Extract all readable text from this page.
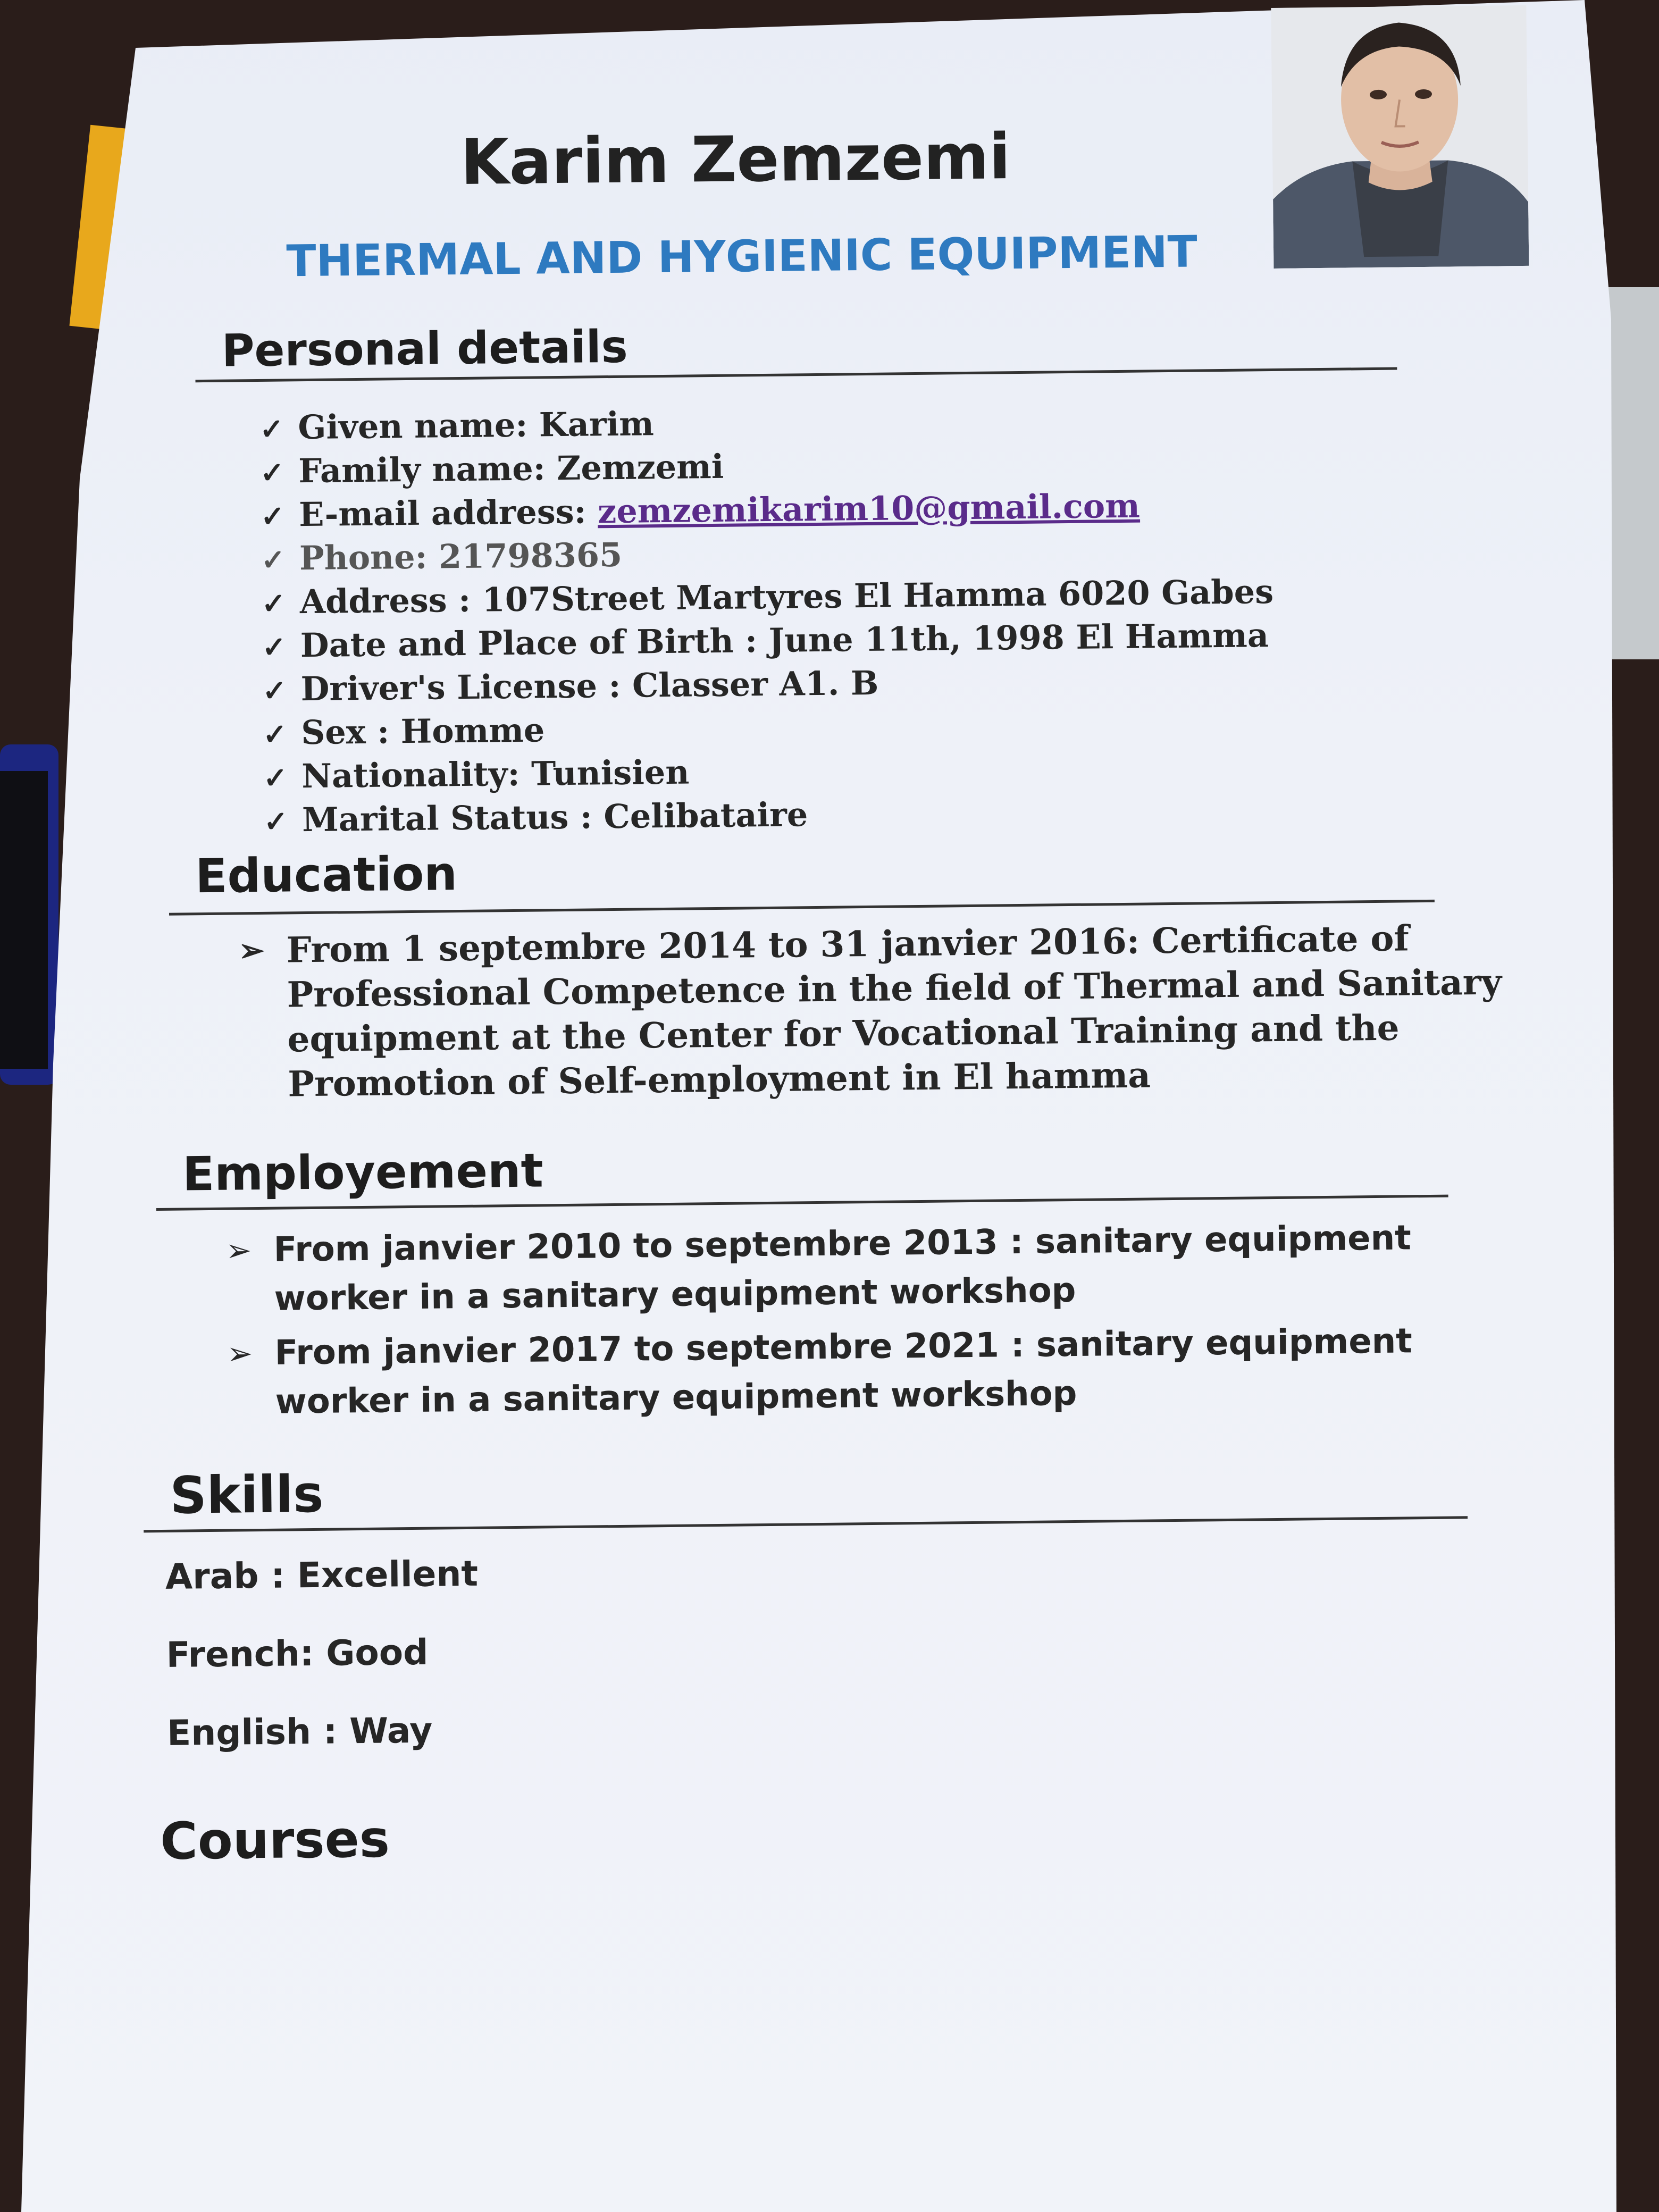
Karim Zemzemi
THERMAL AND HYGIENIC EQUIPMENT
Personal details
✓ Given name: Karim
✓ Family name: Zemzemi
✓ E-mail address: zemzemikarim10@gmail.com
✓ Phone: 21798365
✓ Address : 107Street Martyres El Hamma 6020 Gabes
✓ Date and Place of Birth : June 11th, 1998 El Hamma
✓ Driver's License : Classer A1. B
✓ Sex : Homme
✓ Nationality: Tunisien
✓ Marital Status : Celibataire
Education
➢ From 1 septembre 2014 to 31 janvier 2016: Certificate of Professional Competence in the field of Thermal and Sanitary equipment at the Center for Vocational Training and the Promotion of Self-employment in El hamma
Employement
➢ From janvier 2010 to septembre 2013 : sanitary equipment worker in a sanitary equipment workshop
➢ From janvier 2017 to septembre 2021 : sanitary equipment worker in a sanitary equipment workshop
Skills
Arab : Excellent
French: Good
English : Way
Courses
